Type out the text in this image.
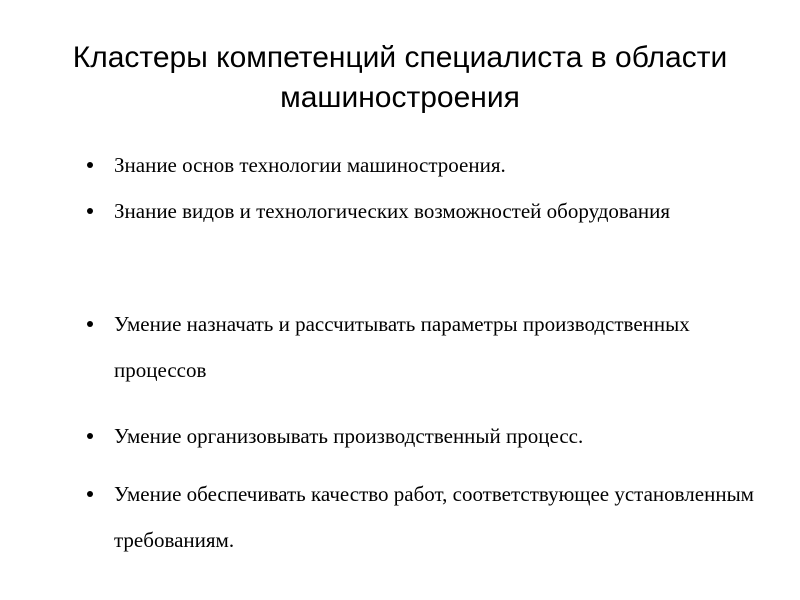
Кластеры компетенций специалиста в области машиностроения
Знание основ технологии машиностроения.
Знание видов и технологических возможностей оборудования
Умение назначать и рассчитывать параметры производственных процессов
Умение организовывать производственный процесс.
Умение обеспечивать качество работ, соответствующее установленным требованиям.
